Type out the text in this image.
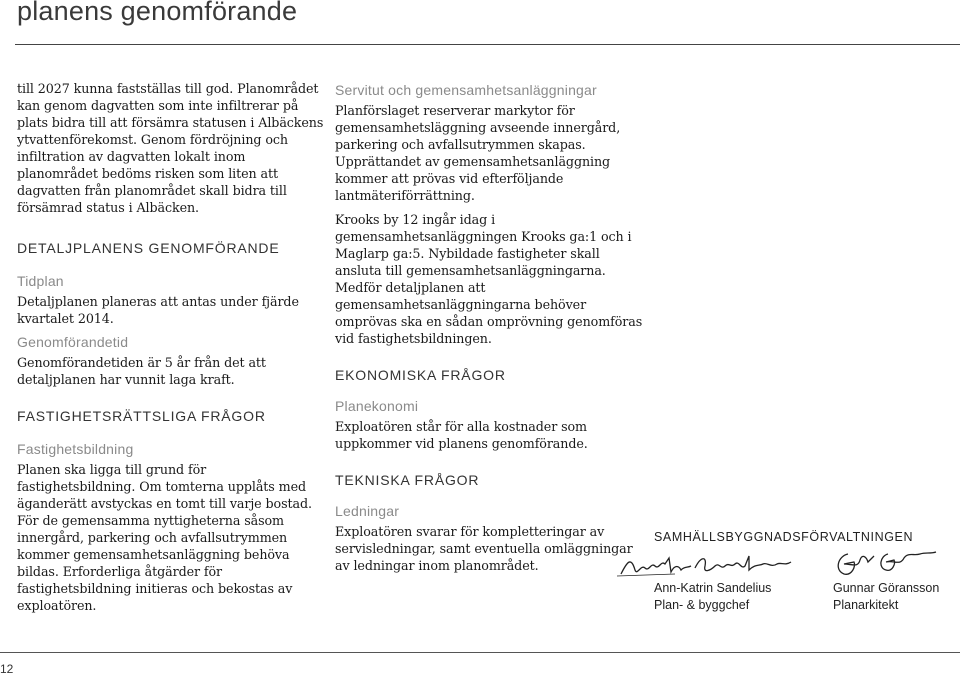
planens genomförande

till 2027 kunna fastställas till god. Planområdet kan genom dagvatten som inte infiltrerar på plats bidra till att försämra statusen i Albäckens ytvattenförekomst. Genom fördröjning och infiltration av dagvatten lokalt inom planområdet bedöms risken som liten att dagvatten från planområdet skall bidra till försämrad status i Albäcken.

DETALJPLANENS GENOMFÖRANDE

Tidplan

Detaljplanen planeras att antas under fjärde kvartalet 2014.

Genomförandetid

Genomförandetiden är 5 år från det att detaljplanen har vunnit laga kraft.

FASTIGHETSRÄTTSLIGA FRÅGOR

Fastighetsbildning

Planen ska ligga till grund för fastighetsbildning. Om tomterna upplåts med äganderätt avstyckas en tomt till varje bostad. För de gemensamma nyttigheterna såsom innergård, parkering och avfallsutrymmen kommer gemensamhetsanläggning behöva bildas. Erforderliga åtgärder för fastighetsbildning initieras och bekostas av exploatören.

Servitut och gemensamhetsanläggningar

Planförslaget reserverar markytor för gemensamhetsläggning avseende innergård, parkering och avfallsutrymmen skapas. Upprättandet av gemensamhetsanläggning kommer att prövas vid efterföljande lantmäteriförrättning.

Krooks by 12 ingår idag i gemensamhetsanläggningen Krooks ga:1 och i Maglarp ga:5. Nybildade fastigheter skall ansluta till gemensamhetsanläggningarna. Medför detaljplanen att gemensamhetsanläggningarna behöver omprövas ska en sådan omprövning genomföras vid fastighetsbildningen.

EKONOMISKA FRÅGOR

Planekonomi

Exploatören står för alla kostnader som uppkommer vid planens genomförande.

TEKNISKA FRÅGOR

Ledningar

Exploatören svarar för kompletteringar av servisledningar, samt eventuella omläggningar av ledningar inom planområdet.

SAMHÄLLSBYGGNADSFÖRVALTNINGEN
Ann-Katrin Sandelius
Plan- & byggchef
Gunnar Göransson
Planarkitekt
12
